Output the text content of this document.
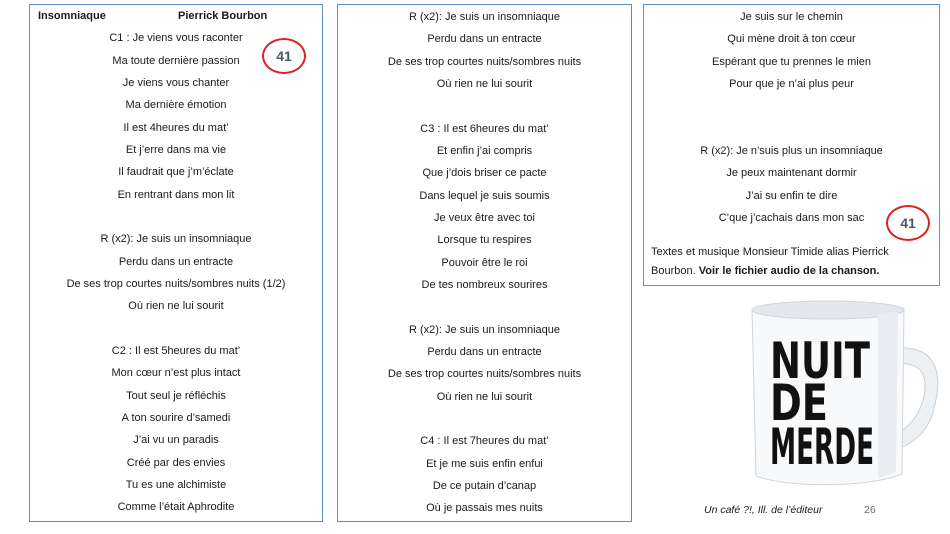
Insomniaque	Pierrick Bourbon
C1 : Je viens vous raconter
Ma toute dernière passion
Je viens vous chanter
Ma dernière émotion
Il est 4heures du mat’
Et j’erre dans ma vie
Il faudrait que j’m’éclate
En rentrant dans mon lit
R (x2): Je suis un insomniaque
Perdu dans un entracte
De ses trop courtes nuits/sombres nuits (1/2)
Où rien ne lui sourit
C2 : Il est 5heures du mat’
Mon cœur n’est plus intact
Tout seul je réfléchis
A ton sourire d’samedi
J’ai vu un paradis
Créé par des envies
Tu es une alchimiste
Comme l’était Aphrodite
41
R (x2): Je suis un insomniaque
Perdu dans un entracte
De ses trop courtes nuits/sombres nuits
Où rien ne lui sourit
C3 : Il est 6heures du mat’
Et enfin j’ai compris
Que j’dois briser ce pacte
Dans lequel je suis soumis
Je veux être avec toi
Lorsque tu respires
Pouvoir être le roi
De tes nombreux sourires
R (x2): Je suis un insomniaque
Perdu dans un entracte
De ses trop courtes nuits/sombres nuits
Où rien ne lui sourit
C4 : Il est 7heures du mat’
Et je me suis enfin enfui
De ce putain d’canap
Où je passais mes nuits
Je suis sur le chemin
Qui mène droit à ton cœur
Espérant que tu prennes le mien
Pour que je n’ai plus peur
R (x2): Je n’suis plus un insomniaque
Je peux maintenant dormir
J’ai su enfin te dire
C’que j’cachais dans mon sac	41

Textes et musique Monsieur Timide alias Pierrick Bourbon. Voir le fichier audio de la chanson.

NUIT
DE
MERDE
Un café ?!, Ill. de l’éditeur	26
